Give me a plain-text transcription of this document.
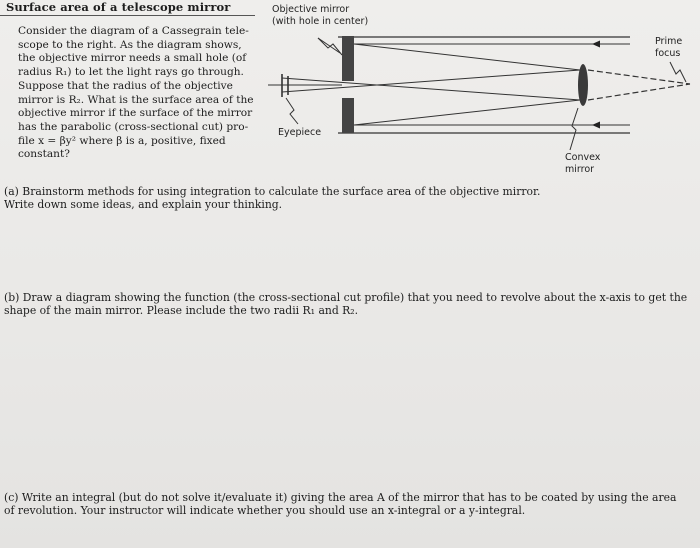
Surface area of a telescope mirror
Consider the diagram of a Cassegrain tele-
scope to the right. As the diagram shows,
the objective mirror needs a small hole (of
radius R₁) to let the light rays go through.
Suppose that the radius of the objective
mirror is R₂. What is the surface area of the
objective mirror if the surface of the mirror
has the parabolic (cross-sectional cut) pro-
file x = βy² where β is a, positive, fixed
constant?
Objective mirror
(with hole in center)
Prime
focus
Eyepiece
Convex
mirror
(a) Brainstorm methods for using integration to calculate the surface area of the objective mirror.
Write down some ideas, and explain your thinking.
(b) Draw a diagram showing the function (the cross-sectional cut profile) that you need to revolve about the x-axis to get the
shape of the main mirror. Please include the two radii R₁ and R₂.
(c) Write an integral (but do not solve it/evaluate it) giving the area A of the mirror that has to be coated by using the area
of revolution. Your instructor will indicate whether you should use an x-integral or a y-integral.
